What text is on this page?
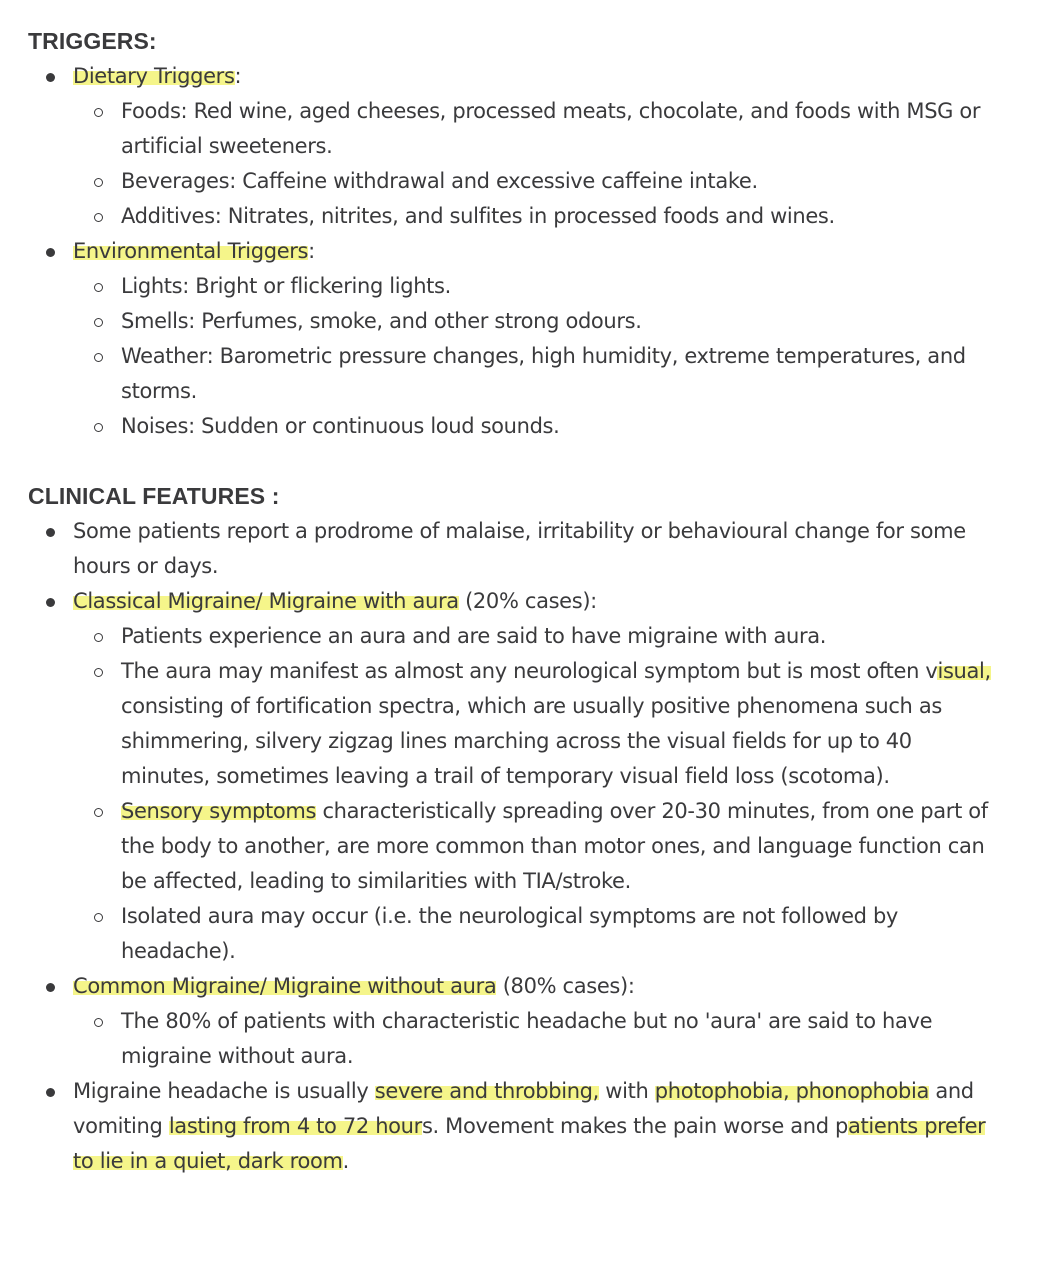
TRIGGERS:
Dietary Triggers:
Foods: Red wine, aged cheeses, processed meats, chocolate, and foods with MSG or artificial sweeteners.
Beverages: Caffeine withdrawal and excessive caffeine intake.
Additives: Nitrates, nitrites, and sulfites in processed foods and wines.
Environmental Triggers:
Lights: Bright or flickering lights.
Smells: Perfumes, smoke, and other strong odours.
Weather: Barometric pressure changes, high humidity, extreme temperatures, and storms.
Noises: Sudden or continuous loud sounds.
CLINICAL FEATURES :
Some patients report a prodrome of malaise, irritability or behavioural change for some hours or days.
Classical Migraine/ Migraine with aura (20% cases):
Patients experience an aura and are said to have migraine with aura.
The aura may manifest as almost any neurological symptom but is most often visual, consisting of fortification spectra, which are usually positive phenomena such as shimmering, silvery zigzag lines marching across the visual fields for up to 40 minutes, sometimes leaving a trail of temporary visual field loss (scotoma).
Sensory symptoms characteristically spreading over 20-30 minutes, from one part of the body to another, are more common than motor ones, and language function can be affected, leading to similarities with TIA/stroke.
Isolated aura may occur (i.e. the neurological symptoms are not followed by headache).
Common Migraine/ Migraine without aura (80% cases):
The 80% of patients with characteristic headache but no 'aura' are said to have migraine without aura.
Migraine headache is usually severe and throbbing, with photophobia, phonophobia and vomiting lasting from 4 to 72 hours. Movement makes the pain worse and patients prefer to lie in a quiet, dark room.
